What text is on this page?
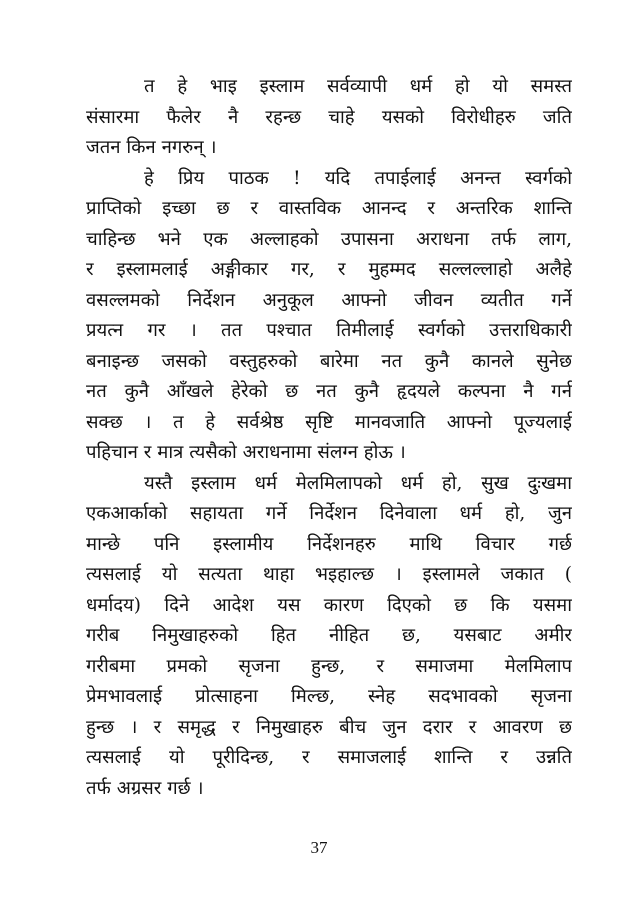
त हे भाइ इस्लाम सर्वव्यापी धर्म हो यो समस्त
संसारमा फैलेर नै रहन्छ चाहे यसको विरोधीहरु जति
जतन किन नगरुन् ।
हे प्रिय पाठक ! यदि तपाईलाई अनन्त स्वर्गको
प्राप्तिको इच्छा छ र वास्तविक आनन्द र अन्तरिक शान्ति
चाहिन्छ भने एक अल्लाहको उपासना अराधना तर्फ लाग,
र इस्लामलाई अङ्गीकार गर, र मुहम्मद सल्लल्लाहो अलैहे
वसल्लमको निर्देशन अनुकूल आफ्नो जीवन व्यतीत गर्ने
प्रयत्न गर । तत पश्चात तिमीलाई स्वर्गको उत्तराधिकारी
बनाइन्छ जसको वस्तुहरुको बारेमा नत कुनै कानले सुनेछ
नत कुनै आँखले हेरेको छ नत कुनै हृदयले कल्पना नै गर्न
सक्छ । त हे सर्वश्रेष्ठ सृष्टि मानवजाति आफ्नो पूज्यलाई
पहिचान र मात्र त्यसैको अराधनामा संलग्न होऊ ।
यस्तै इस्लाम धर्म मेलमिलापको धर्म हो, सुख दुःखमा
एकआर्काको सहायता गर्ने निर्देशन दिनेवाला धर्म हो, जुन
मान्छे पनि इस्लामीय निर्देशनहरु माथि विचार गर्छ
त्यसलाई यो सत्यता थाहा भइहाल्छ । इस्लामले जकात (
धर्मादय) दिने आदेश यस कारण दिएको छ कि यसमा
गरीब निमुखाहरुको हित नीहित छ, यसबाट अमीर
गरीबमा प्रमको सृजना हुन्छ, र समाजमा मेलमिलाप
प्रेमभावलाई प्रोत्साहना मिल्छ, स्नेह सदभावको सृजना
हुन्छ । र समृद्ध र निमुखाहरु बीच जुन दरार र आवरण छ
त्यसलाई यो पूरीदिन्छ, र समाजलाई शान्ति र उन्नति
तर्फ अग्रसर गर्छ ।
37
